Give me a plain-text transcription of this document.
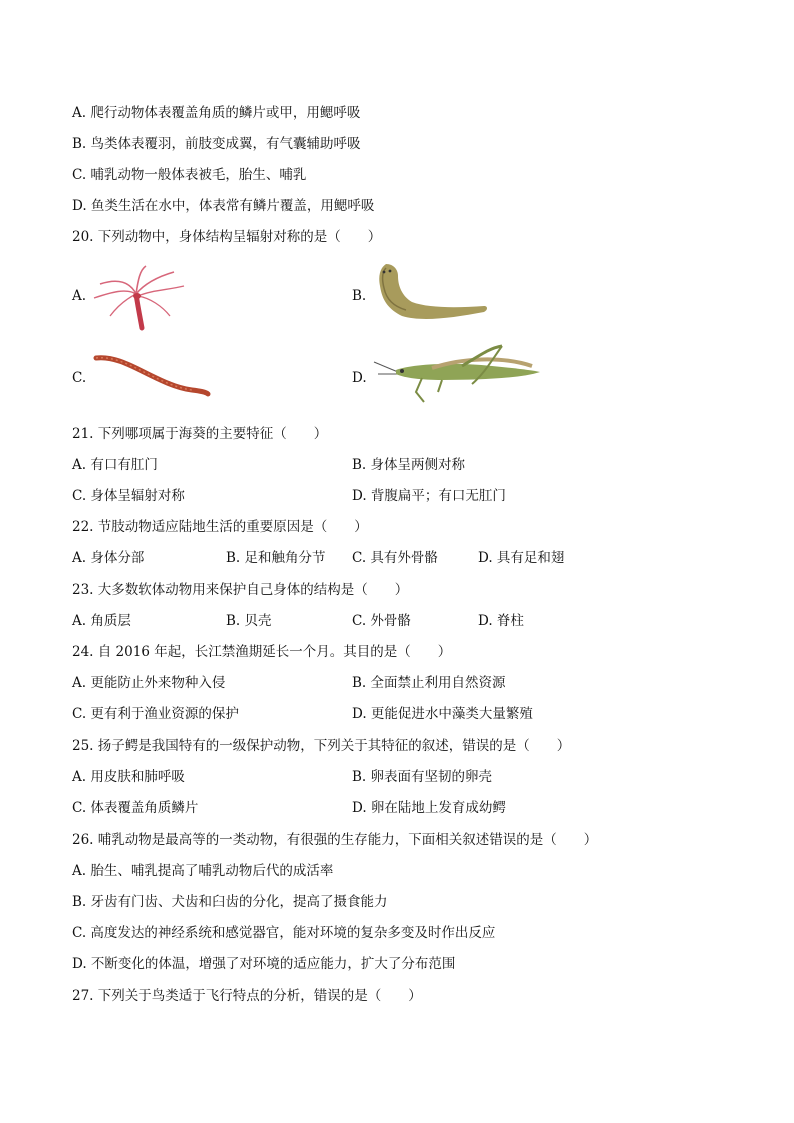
A. 爬行动物体表覆盖角质的鳞片或甲，用鳃呼吸
B. 鸟类体表覆羽，前肢变成翼，有气囊辅助呼吸
C. 哺乳动物一般体表被毛，胎生、哺乳
D. 鱼类生活在水中，体表常有鳞片覆盖，用鳃呼吸
20. 下列动物中，身体结构呈辐射对称的是（　　）
A.	B.
C.	D.
21. 下列哪项属于海葵的主要特征（　　）
A. 有口有肛门	B. 身体呈两侧对称
C. 身体呈辐射对称	D. 背腹扁平；有口无肛门
22. 节肢动物适应陆地生活的重要原因是（　　）
A. 身体分部	B. 足和触角分节 C. 具有外骨骼	D. 具有足和翅
23. 大多数软体动物用来保护自己身体的结构是（　　）
A. 角质层	B. 贝壳	C. 外骨骼	D. 脊柱
24. 自 2016 年起，长江禁渔期延长一个月。其目的是（　　）
A. 更能防止外来物种入侵	B. 全面禁止利用自然资源
C. 更有利于渔业资源的保护	D. 更能促进水中藻类大量繁殖
25. 扬子鳄是我国特有的一级保护动物，下列关于其特征的叙述，错误的是（　　）
A. 用皮肤和肺呼吸	B. 卵表面有坚韧的卵壳
C. 体表覆盖角质鳞片	D. 卵在陆地上发育成幼鳄
26. 哺乳动物是最高等的一类动物，有很强的生存能力，下面相关叙述错误的是（　　）
A. 胎生、哺乳提高了哺乳动物后代的成活率
B. 牙齿有门齿、犬齿和臼齿的分化，提高了摄食能力
C. 高度发达的神经系统和感觉器官，能对环境的复杂多变及时作出反应
D. 不断变化的体温，增强了对环境的适应能力，扩大了分布范围
27. 下列关于鸟类适于飞行特点的分析，错误的是（　　）
